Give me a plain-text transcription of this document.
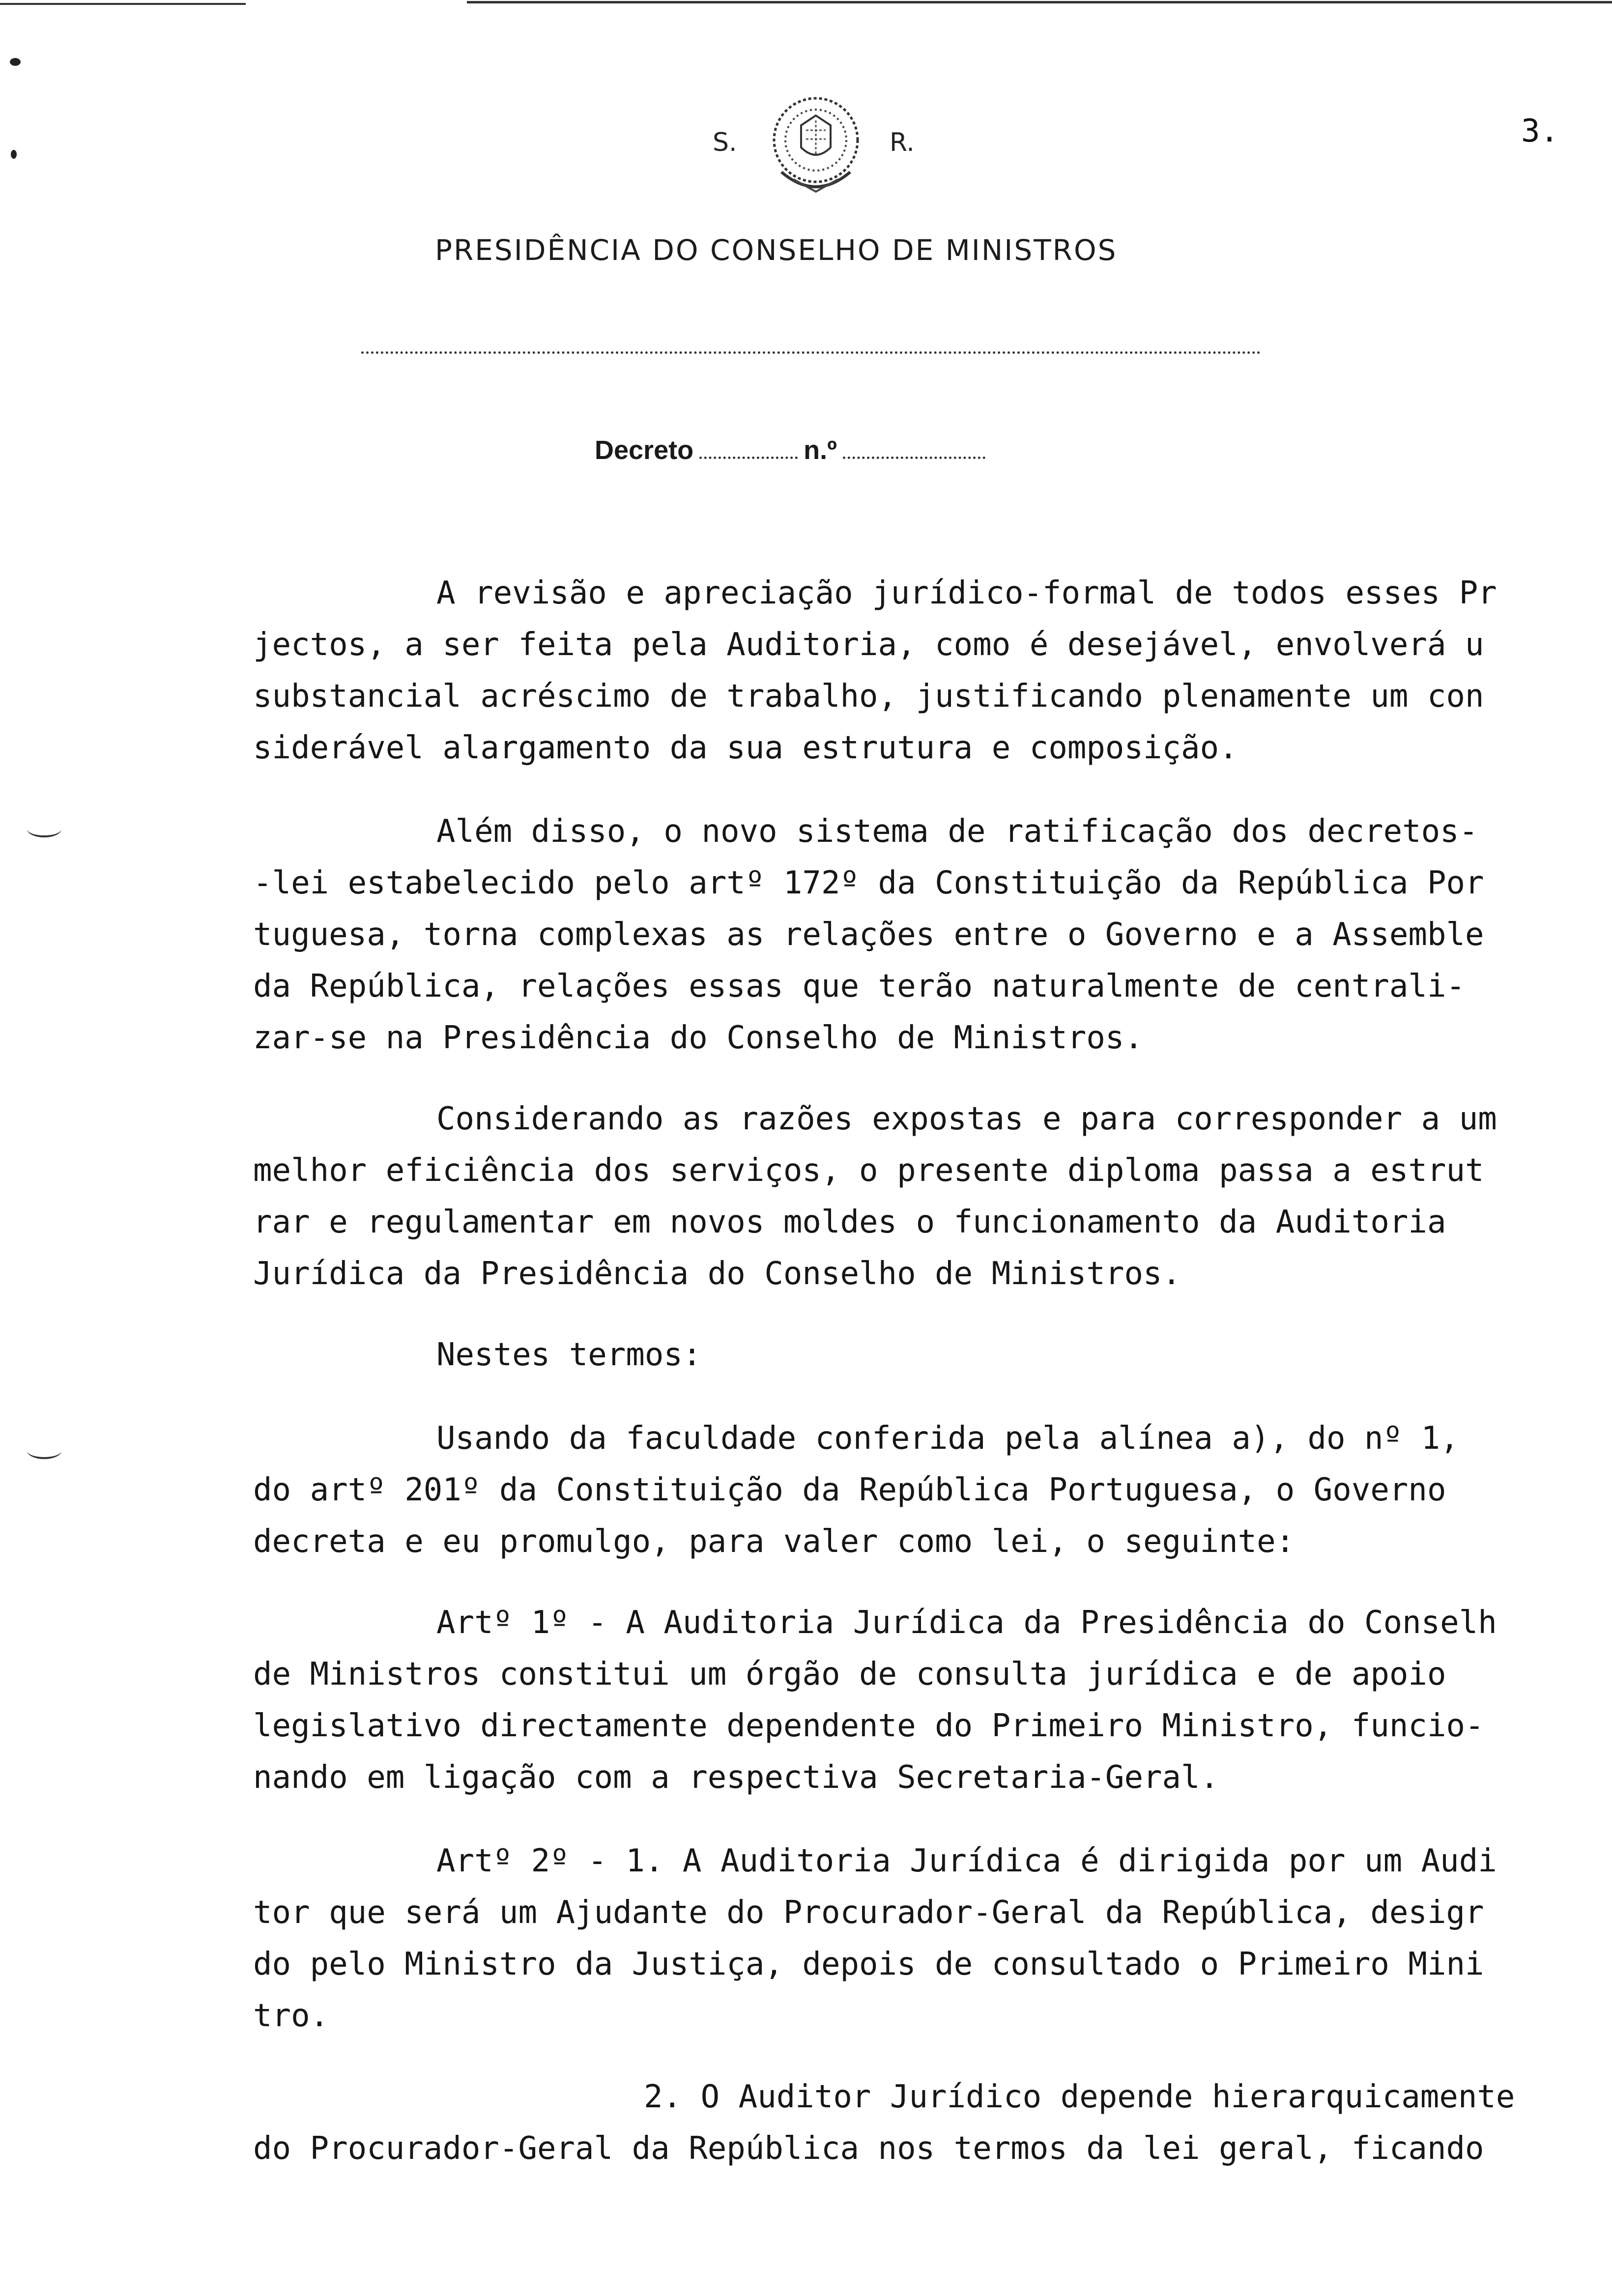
S.	R.	3.
PRESIDÊNCIA DO CONSELHO DE MINISTROS
Decreto	n.º
A revisão e apreciação jurídico-formal de todos esses Pr
jectos, a ser feita pela Auditoria, como é desejável, envolverá u
substancial acréscimo de trabalho, justificando plenamente um con
siderável alargamento da sua estrutura e composição.
Além disso, o novo sistema de ratificação dos decretos-
-lei estabelecido pelo artº 172º da Constituição da República Por
tuguesa, torna complexas as relações entre o Governo e a Assemble
da República, relações essas que terão naturalmente de centrali-
zar-se na Presidência do Conselho de Ministros.
Considerando as razões expostas e para corresponder a um
melhor eficiência dos serviços, o presente diploma passa a estrut
rar e regulamentar em novos moldes o funcionamento da Auditoria
Jurídica da Presidência do Conselho de Ministros.
Nestes termos:
Usando da faculdade conferida pela alínea a), do nº 1,
do artº 201º da Constituição da República Portuguesa, o Governo
decreta e eu promulgo, para valer como lei, o seguinte:
Artº 1º - A Auditoria Jurídica da Presidência do Conselh
de Ministros constitui um órgão de consulta jurídica e de apoio
legislativo directamente dependente do Primeiro Ministro, funcio-
nando em ligação com a respectiva Secretaria-Geral.
Artº 2º - 1. A Auditoria Jurídica é dirigida por um Audi
tor que será um Ajudante do Procurador-Geral da República, desigr
do pelo Ministro da Justiça, depois de consultado o Primeiro Mini
tro.
2. O Auditor Jurídico depende hierarquicamente
do Procurador-Geral da República nos termos da lei geral, ficando
